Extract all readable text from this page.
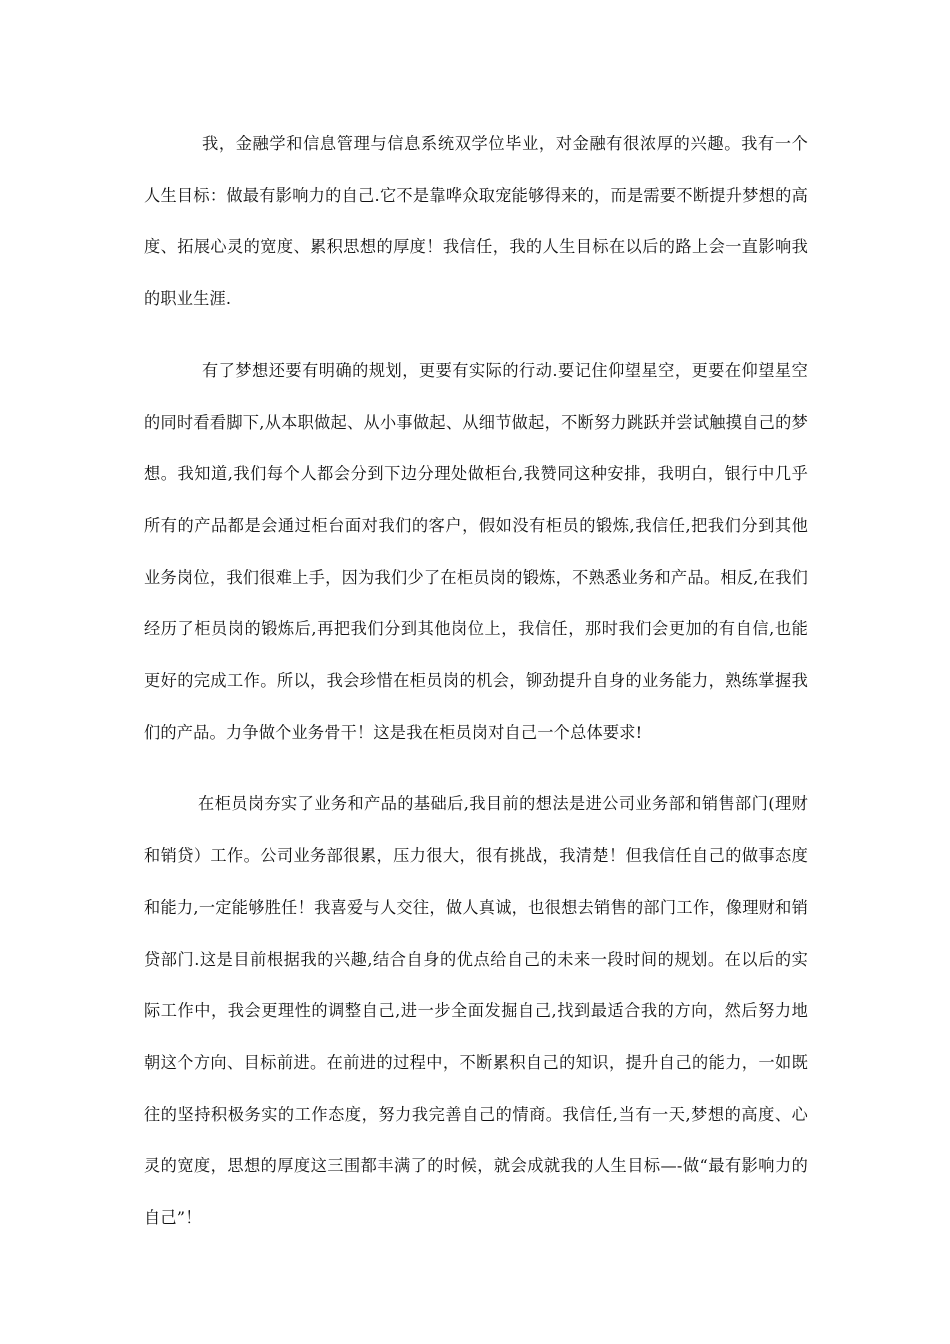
我，金融学和信息管理与信息系统双学位毕业，对金融有很浓厚的兴趣。我有一个人生目标：做最有影响力的自己.它不是靠哗众取宠能够得来的，而是需要不断提升梦想的高度、拓展心灵的宽度、累积思想的厚度！我信任，我的人生目标在以后的路上会一直影响我的职业生涯.

有了梦想还要有明确的规划，更要有实际的行动.要记住仰望星空，更要在仰望星空的同时看看脚下,从本职做起、从小事做起、从细节做起，不断努力跳跃并尝试触摸自己的梦想。我知道,我们每个人都会分到下边分理处做柜台,我赞同这种安排，我明白，银行中几乎所有的产品都是会通过柜台面对我们的客户，假如没有柜员的锻炼,我信任,把我们分到其他业务岗位，我们很难上手，因为我们少了在柜员岗的锻炼，不熟悉业务和产品。相反,在我们经历了柜员岗的锻炼后,再把我们分到其他岗位上，我信任，那时我们会更加的有自信,也能更好的完成工作。所以，我会珍惜在柜员岗的机会，铆劲提升自身的业务能力，熟练掌握我们的产品。力争做个业务骨干！这是我在柜员岗对自己一个总体要求!

在柜员岗夯实了业务和产品的基础后,我目前的想法是进公司业务部和销售部门(理财和销贷）工作。公司业务部很累，压力很大，很有挑战，我清楚！但我信任自己的做事态度和能力,一定能够胜任！我喜爱与人交往，做人真诚，也很想去销售的部门工作，像理财和销贷部门.这是目前根据我的兴趣,结合自身的优点给自己的未来一段时间的规划。在以后的实际工作中，我会更理性的调整自己,进一步全面发掘自己,找到最适合我的方向，然后努力地朝这个方向、目标前进。在前进的过程中，不断累积自己的知识，提升自己的能力，一如既往的坚持积极务实的工作态度，努力我完善自己的情商。我信任,当有一天,梦想的高度、心灵的宽度，思想的厚度这三围都丰满了的时候，就会成就我的人生目标—-做“最有影响力的自己”！
